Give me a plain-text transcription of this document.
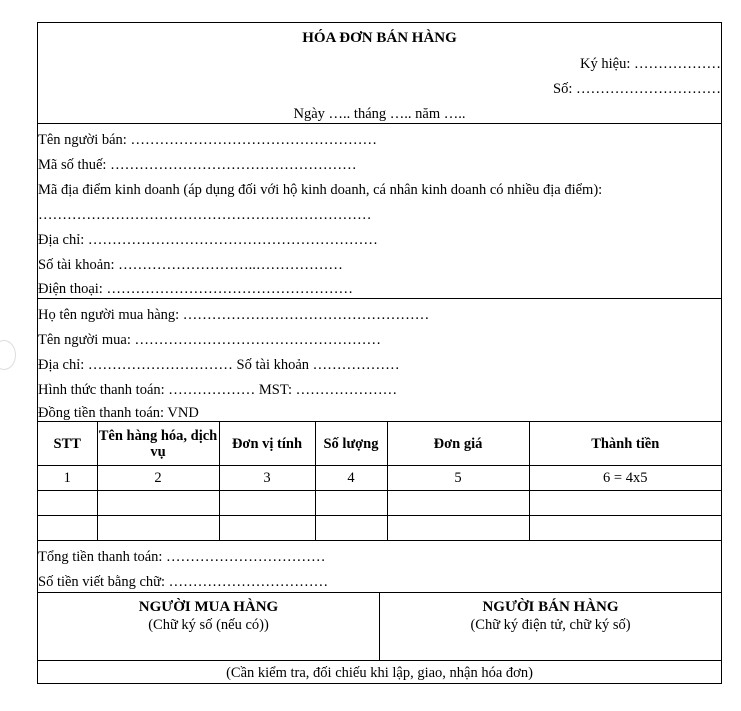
HÓA ĐƠN BÁN HÀNG
Ký hiệu: ………………
Số: …………………………
Ngày ….. tháng ….. năm …..
Tên người bán: ……………………………………………
Mã số thuế: ……………………………………………
Mã địa điểm kinh doanh (áp dụng đối với hộ kinh doanh, cá nhân kinh doanh có nhiều địa điểm):
……………………………………………………………
Địa chỉ: ……………………………………………………
Số tài khoản: ………………………..………………
Điện thoại: ……………………………………………
Họ tên người mua hàng: ……………………………………………
Tên người mua: ……………………………………………
Địa chỉ: ………………………… Số tài khoản ………………
Hình thức thanh toán: ……………… MST: …………………
Đồng tiền thanh toán: VND
STT	Tên hàng hóa, dịch vụ	Đơn vị tính	Số lượng	Đơn giá	Thành tiền
1	2	3	4	5	6 = 4x5

Tổng tiền thanh toán: ……………………………
Số tiền viết bằng chữ: ……………………………
NGƯỜI MUA HÀNG
(Chữ ký số (nếu có))
NGƯỜI BÁN HÀNG
(Chữ ký điện tử, chữ ký số)
(Cần kiểm tra, đối chiếu khi lập, giao, nhận hóa đơn)
